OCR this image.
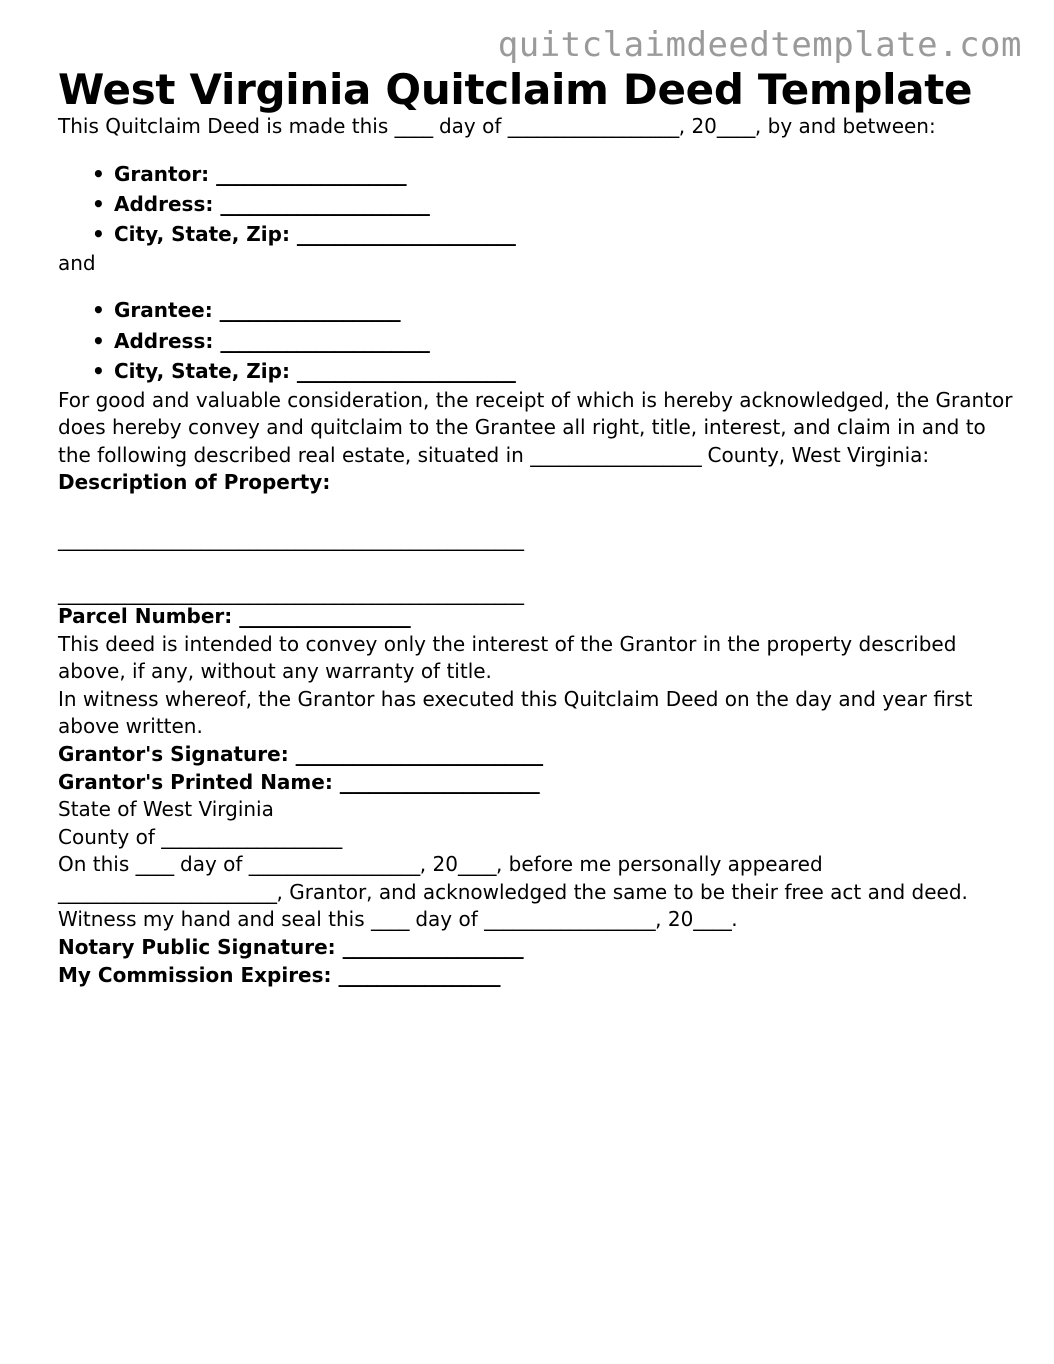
quitclaimdeedtemplate.com
West Virginia Quitclaim Deed Template

This Quitclaim Deed is made this ____ day of __________________, 20____, by and between:

• Grantor: ____________________
• Address: ______________________
• City, State, Zip: _______________________

and

• Grantee: ___________________
• Address: ______________________
• City, State, Zip: _______________________

For good and valuable consideration, the receipt of which is hereby acknowledged, the Grantor does hereby convey and quitclaim to the Grantee all right, title, interest, and claim in and to the following described real estate, situated in __________________ County, West Virginia:

Description of Property:

_________________________________________________

_________________________________________________

Parcel Number: __________________

This deed is intended to convey only the interest of the Grantor in the property described above, if any, without any warranty of title.

In witness whereof, the Grantor has executed this Quitclaim Deed on the day and year first above written.

Grantor's Signature: __________________________

Grantor's Printed Name: _____________________

State of West Virginia

County of ___________________

On this ____ day of __________________, 20____, before me personally appeared _______________________, Grantor, and acknowledged the same to be their free act and deed.

Witness my hand and seal this ____ day of __________________, 20____.

Notary Public Signature: ___________________

My Commission Expires: _________________
